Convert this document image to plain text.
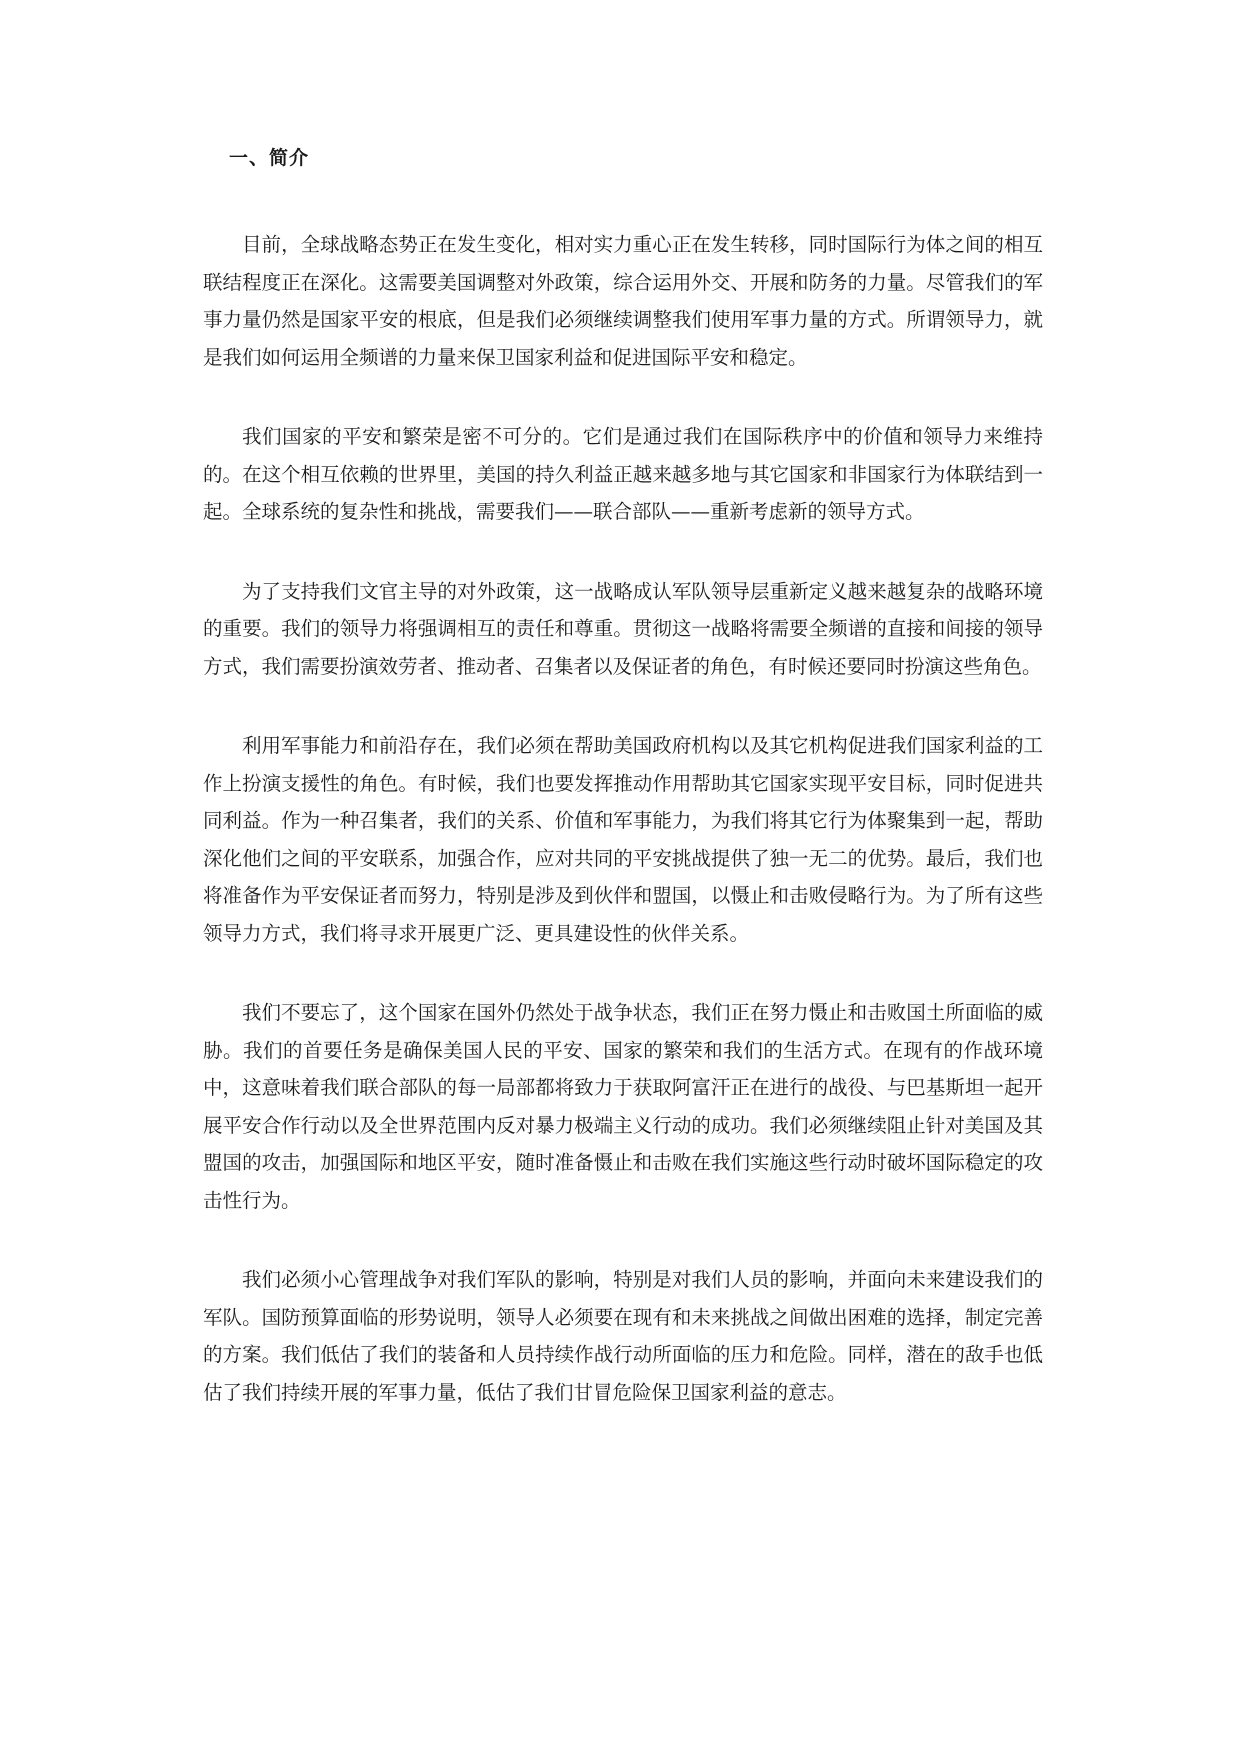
一、简介

目前，全球战略态势正在发生变化，相对实力重心正在发生转移，同时国际行为体之间的相互联结程度正在深化。这需要美国调整对外政策，综合运用外交、开展和防务的力量。尽管我们的军事力量仍然是国家平安的根底，但是我们必须继续调整我们使用军事力量的方式。所谓领导力，就是我们如何运用全频谱的力量来保卫国家利益和促进国际平安和稳定。

我们国家的平安和繁荣是密不可分的。它们是通过我们在国际秩序中的价值和领导力来维持的。在这个相互依赖的世界里，美国的持久利益正越来越多地与其它国家和非国家行为体联结到一起。全球系统的复杂性和挑战，需要我们——联合部队——重新考虑新的领导方式。

为了支持我们文官主导的对外政策，这一战略成认军队领导层重新定义越来越复杂的战略环境的重要。我们的领导力将强调相互的责任和尊重。贯彻这一战略将需要全频谱的直接和间接的领导方式，我们需要扮演效劳者、推动者、召集者以及保证者的角色，有时候还要同时扮演这些角色。

利用军事能力和前沿存在，我们必须在帮助美国政府机构以及其它机构促进我们国家利益的工作上扮演支援性的角色。有时候，我们也要发挥推动作用帮助其它国家实现平安目标，同时促进共同利益。作为一种召集者，我们的关系、价值和军事能力，为我们将其它行为体聚集到一起，帮助深化他们之间的平安联系，加强合作，应对共同的平安挑战提供了独一无二的优势。最后，我们也将准备作为平安保证者而努力，特别是涉及到伙伴和盟国，以慑止和击败侵略行为。为了所有这些领导力方式，我们将寻求开展更广泛、更具建设性的伙伴关系。

我们不要忘了，这个国家在国外仍然处于战争状态，我们正在努力慑止和击败国土所面临的威胁。我们的首要任务是确保美国人民的平安、国家的繁荣和我们的生活方式。在现有的作战环境中，这意味着我们联合部队的每一局部都将致力于获取阿富汗正在进行的战役、与巴基斯坦一起开展平安合作行动以及全世界范围内反对暴力极端主义行动的成功。我们必须继续阻止针对美国及其盟国的攻击，加强国际和地区平安，随时准备慑止和击败在我们实施这些行动时破坏国际稳定的攻击性行为。

我们必须小心管理战争对我们军队的影响，特别是对我们人员的影响，并面向未来建设我们的军队。国防预算面临的形势说明，领导人必须要在现有和未来挑战之间做出困难的选择，制定完善的方案。我们低估了我们的装备和人员持续作战行动所面临的压力和危险。同样，潜在的敌手也低估了我们持续开展的军事力量，低估了我们甘冒危险保卫国家利益的意志。
